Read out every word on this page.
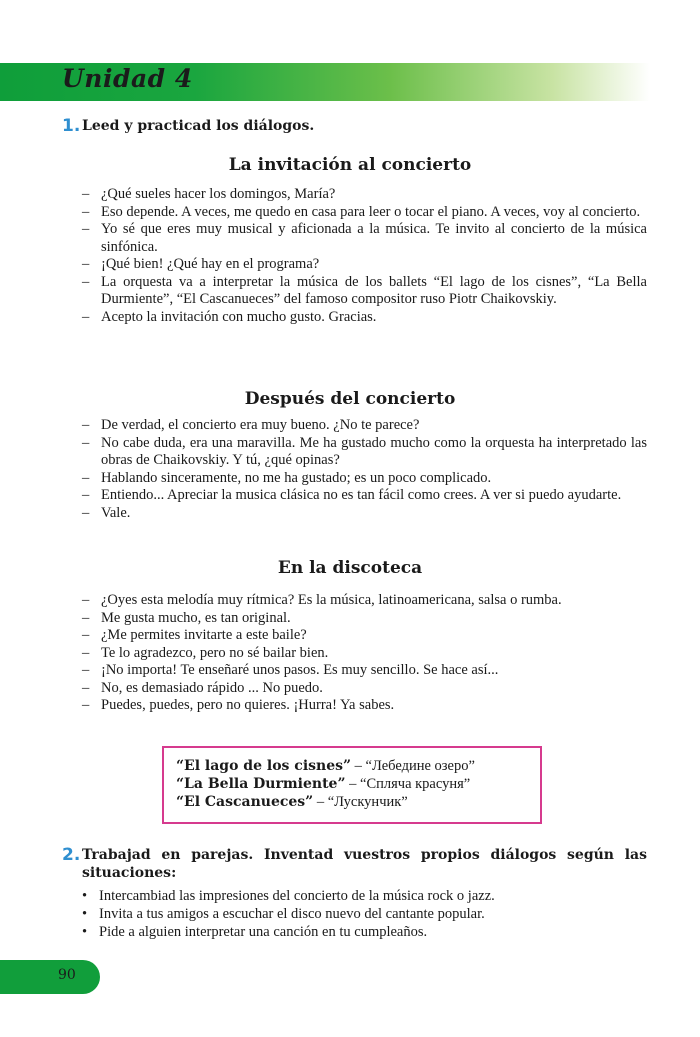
Unidad 4
1. Leed y practicad los diálogos.
La invitación al concierto
– ¿Qué sueles hacer los domingos, María?
– Eso depende. A veces, me quedo en casa para leer o tocar el piano. A veces, voy al concierto.
– Yo sé que eres muy musical y aficionada a la música. Te invito al concierto de la música sinfónica.
– ¡Qué bien! ¿Qué hay en el programa?
– La orquesta va a interpretar la música de los ballets “El lago de los cisnes”, “La Bella Durmiente”, “El Cascanueces” del famoso compositor ruso Piotr Chaikovskiy.
– Acepto la invitación con mucho gusto. Gracias.
Después del concierto
– De verdad, el concierto era muy bueno. ¿No te parece?
– No cabe duda, era una maravilla. Me ha gustado mucho como la orquesta ha interpretado las obras de Chaikovskiy. Y tú, ¿qué opinas?
– Hablando sinceramente, no me ha gustado; es un poco complicado.
– Entiendo... Apreciar la musica clásica no es tan fácil como crees. A ver si puedo ayudarte.
– Vale.
En la discoteca
– ¿Oyes esta melodía muy rítmica? Es la música, latinoamericana, salsa o rumba.
– Me gusta mucho, es tan original.
– ¿Me permites invitarte a este baile?
– Te lo agradezco, pero no sé bailar bien.
– ¡No importa! Te enseñaré unos pasos. Es muy sencillo. Se hace así...
– No, es demasiado rápido ... No puedo.
– Puedes, puedes, pero no quieres. ¡Hurra! Ya sabes.
“El lago de los cisnes” – “Лебедине озеро”
“La Bella Durmiente” – “Спляча красуня”
“El Cascanueces” – “Лускунчик”
2. Trabajad en parejas. Inventad vuestros propios diálogos según las situaciones:
• Intercambiad las impresiones del concierto de la música rock o jazz.
• Invita a tus amigos a escuchar el disco nuevo del cantante popular.
• Pide a alguien interpretar una canción en tu cumpleaños.
90
